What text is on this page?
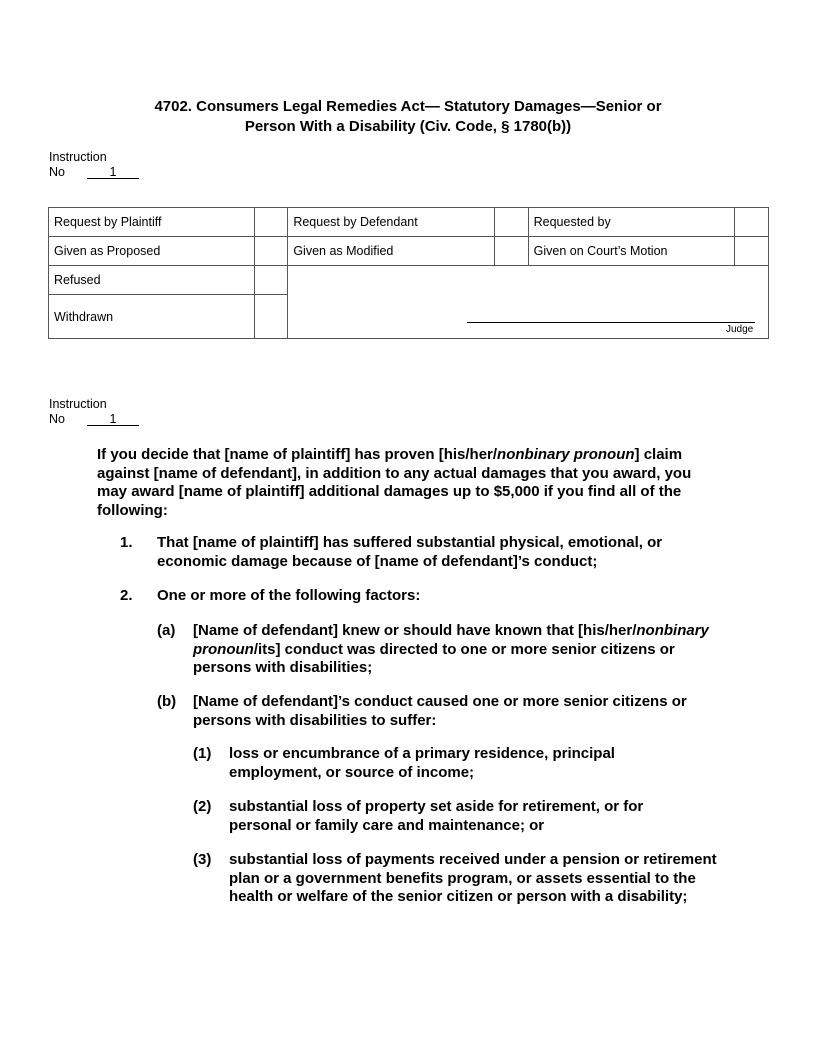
4702. Consumers Legal Remedies Act— Statutory Damages—Senior or
Person With a Disability (Civ. Code, § 1780(b))
Instruction
No	1
Request by Plaintiff		Request by Defendant		Requested by	
Given as Proposed		Given as Modified		Given on Court’s Motion	
Refused					
Withdrawn					
Judge
Instruction
No	1
If you decide that [name of plaintiff] has proven [his/her/nonbinary pronoun] claim against [name of defendant], in addition to any actual damages that you award, you may award [name of plaintiff] additional damages up to $5,000 if you find all of the following:
1. That [name of plaintiff] has suffered substantial physical, emotional, or economic damage because of [name of defendant]’s conduct;
2. One or more of the following factors:
(a) [Name of defendant] knew or should have known that [his/her/nonbinary pronoun/its] conduct was directed to one or more senior citizens or persons with disabilities;
(b) [Name of defendant]’s conduct caused one or more senior citizens or persons with disabilities to suffer:
(1) loss or encumbrance of a primary residence, principal employment, or source of income;
(2) substantial loss of property set aside for retirement, or for personal or family care and maintenance; or
(3) substantial loss of payments received under a pension or retirement plan or a government benefits program, or assets essential to the health or welfare of the senior citizen or person with a disability;
